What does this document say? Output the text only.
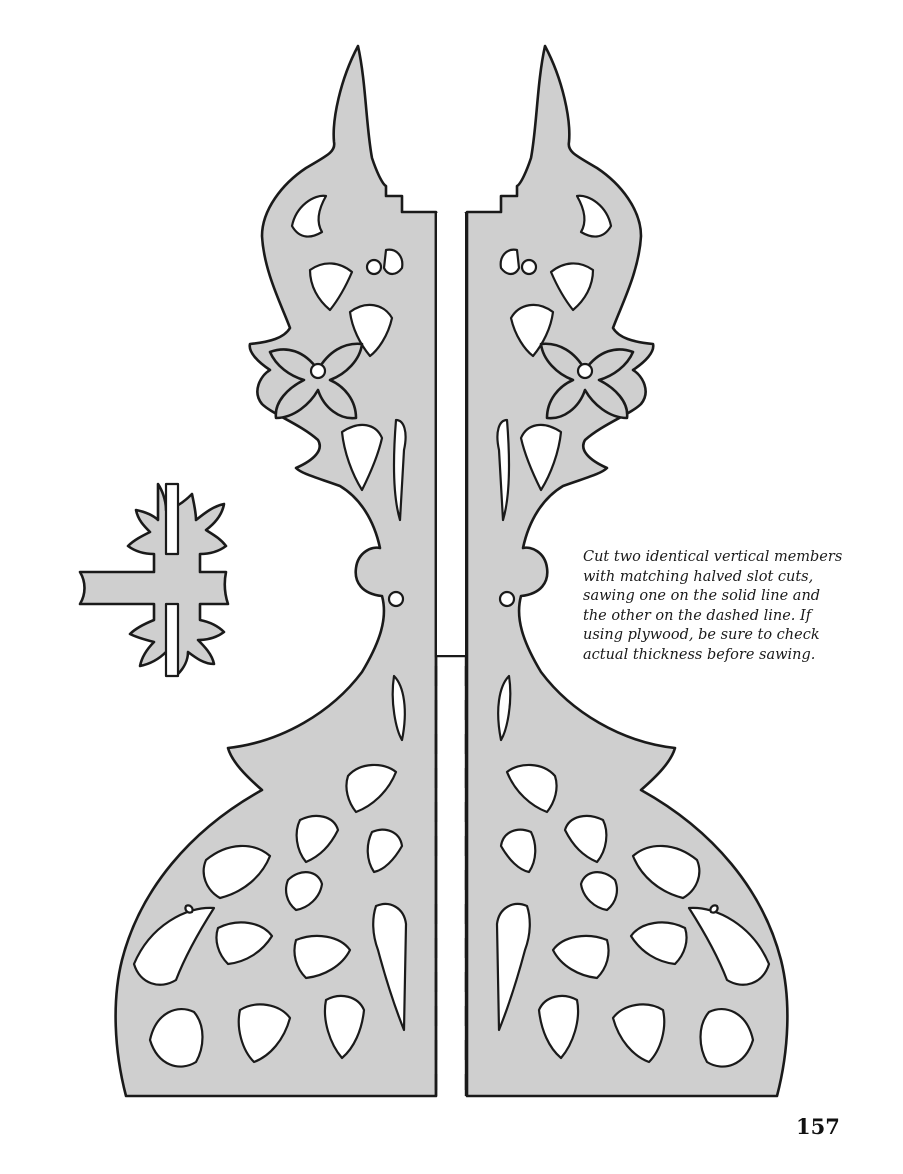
Cut two identical vertical members with matching halved slot cuts, sawing one on the solid line and the other on the dashed line. If using plywood, be sure to check actual thickness before sawing.

157
